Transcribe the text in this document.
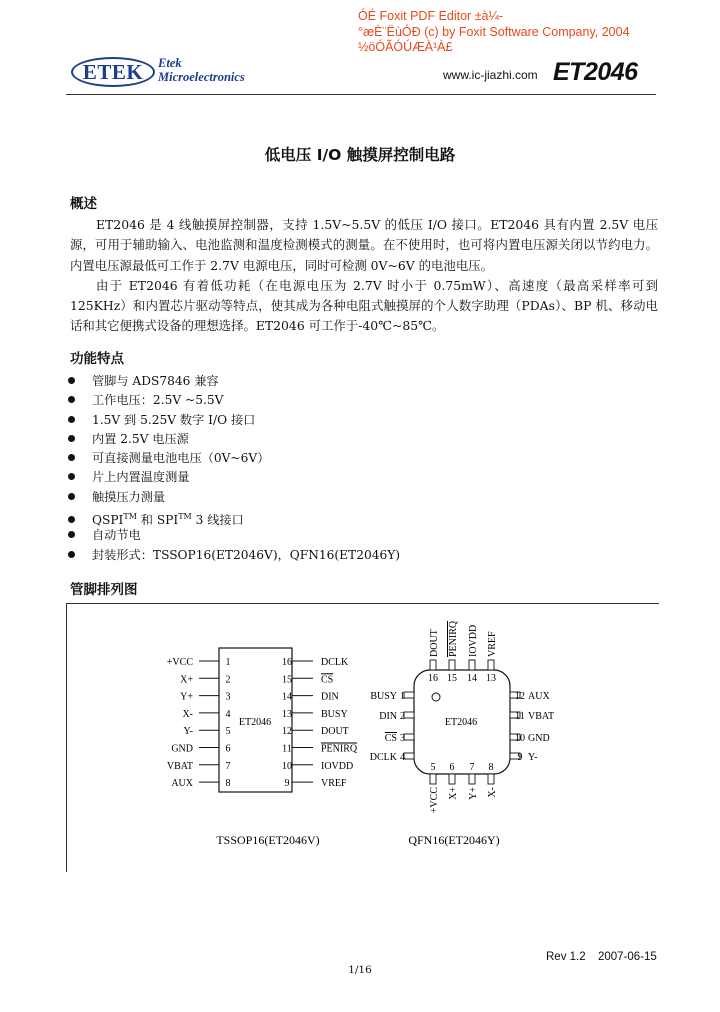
ÓÉ Foxit PDF Editor ±à¼-
°æÈ¨ËùÓÐ (c) by Foxit Software Company, 2004
½öÓÃÓÚÆÀ¹À£
ETEK	Etek
Microelectronics	www.ic-jiazhi.com ET2046
低电压 I/O 触摸屏控制电路
概述

ET2046 是 4 线触摸屏控制器，支持 1.5V~5.5V 的低压 I/O 接口。ET2046 具有内置 2.5V 电压源，可用于辅助输入、电池监测和温度检测模式的测量。在不使用时，也可将内置电压源关闭以节约电力。内置电压源最低可工作于 2.7V 电源电压，同时可检测 0V~6V 的电池电压。

由于 ET2046 有着低功耗（在电源电压为 2.7V 时小于 0.75mW）、高速度（最高采样率可到 125KHz）和内置芯片驱动等特点，使其成为各种电阻式触摸屏的个人数字助理（PDAs）、BP 机、移动电话和其它便携式设备的理想选择。ET2046 可工作于-40℃~85℃。

功能特点
管脚与 ADS7846 兼容
工作电压：2.5V ~5.5V
1.5V 到 5.25V 数字 I/O 接口
内置 2.5V 电压源
可直接测量电池电压（0V~6V）
片上内置温度测量
触摸压力测量
QSPI™ 和 SPI™ 3 线接口
自动节电
封装形式：TSSOP16(ET2046V)，QFN16(ET2046Y)
管脚排列图
ET2046
+VCC	1
X+	2
Y+	3
X-	4
Y-	5
GND	6
VBAT	7
AUX	8
DCLK
16
CS
15
DIN
14
BUSY
13
DOUT
12
PENIRQ
11
IOVDD
10
VREF
9
TSSOP16(ET2046V)
ET2046
DOUT
16
PENIRQ
15
IOVDD
14
VREF
13
+VCC
5
X+
6
Y+
7
X-
8
BUSY 1
DIN 2
CS 3
DCLK 4
AUX
12
VBAT
11
GND
10
Y-
9
QFN16(ET2046Y)
Rev 1.2 2007-06-15
1/16
